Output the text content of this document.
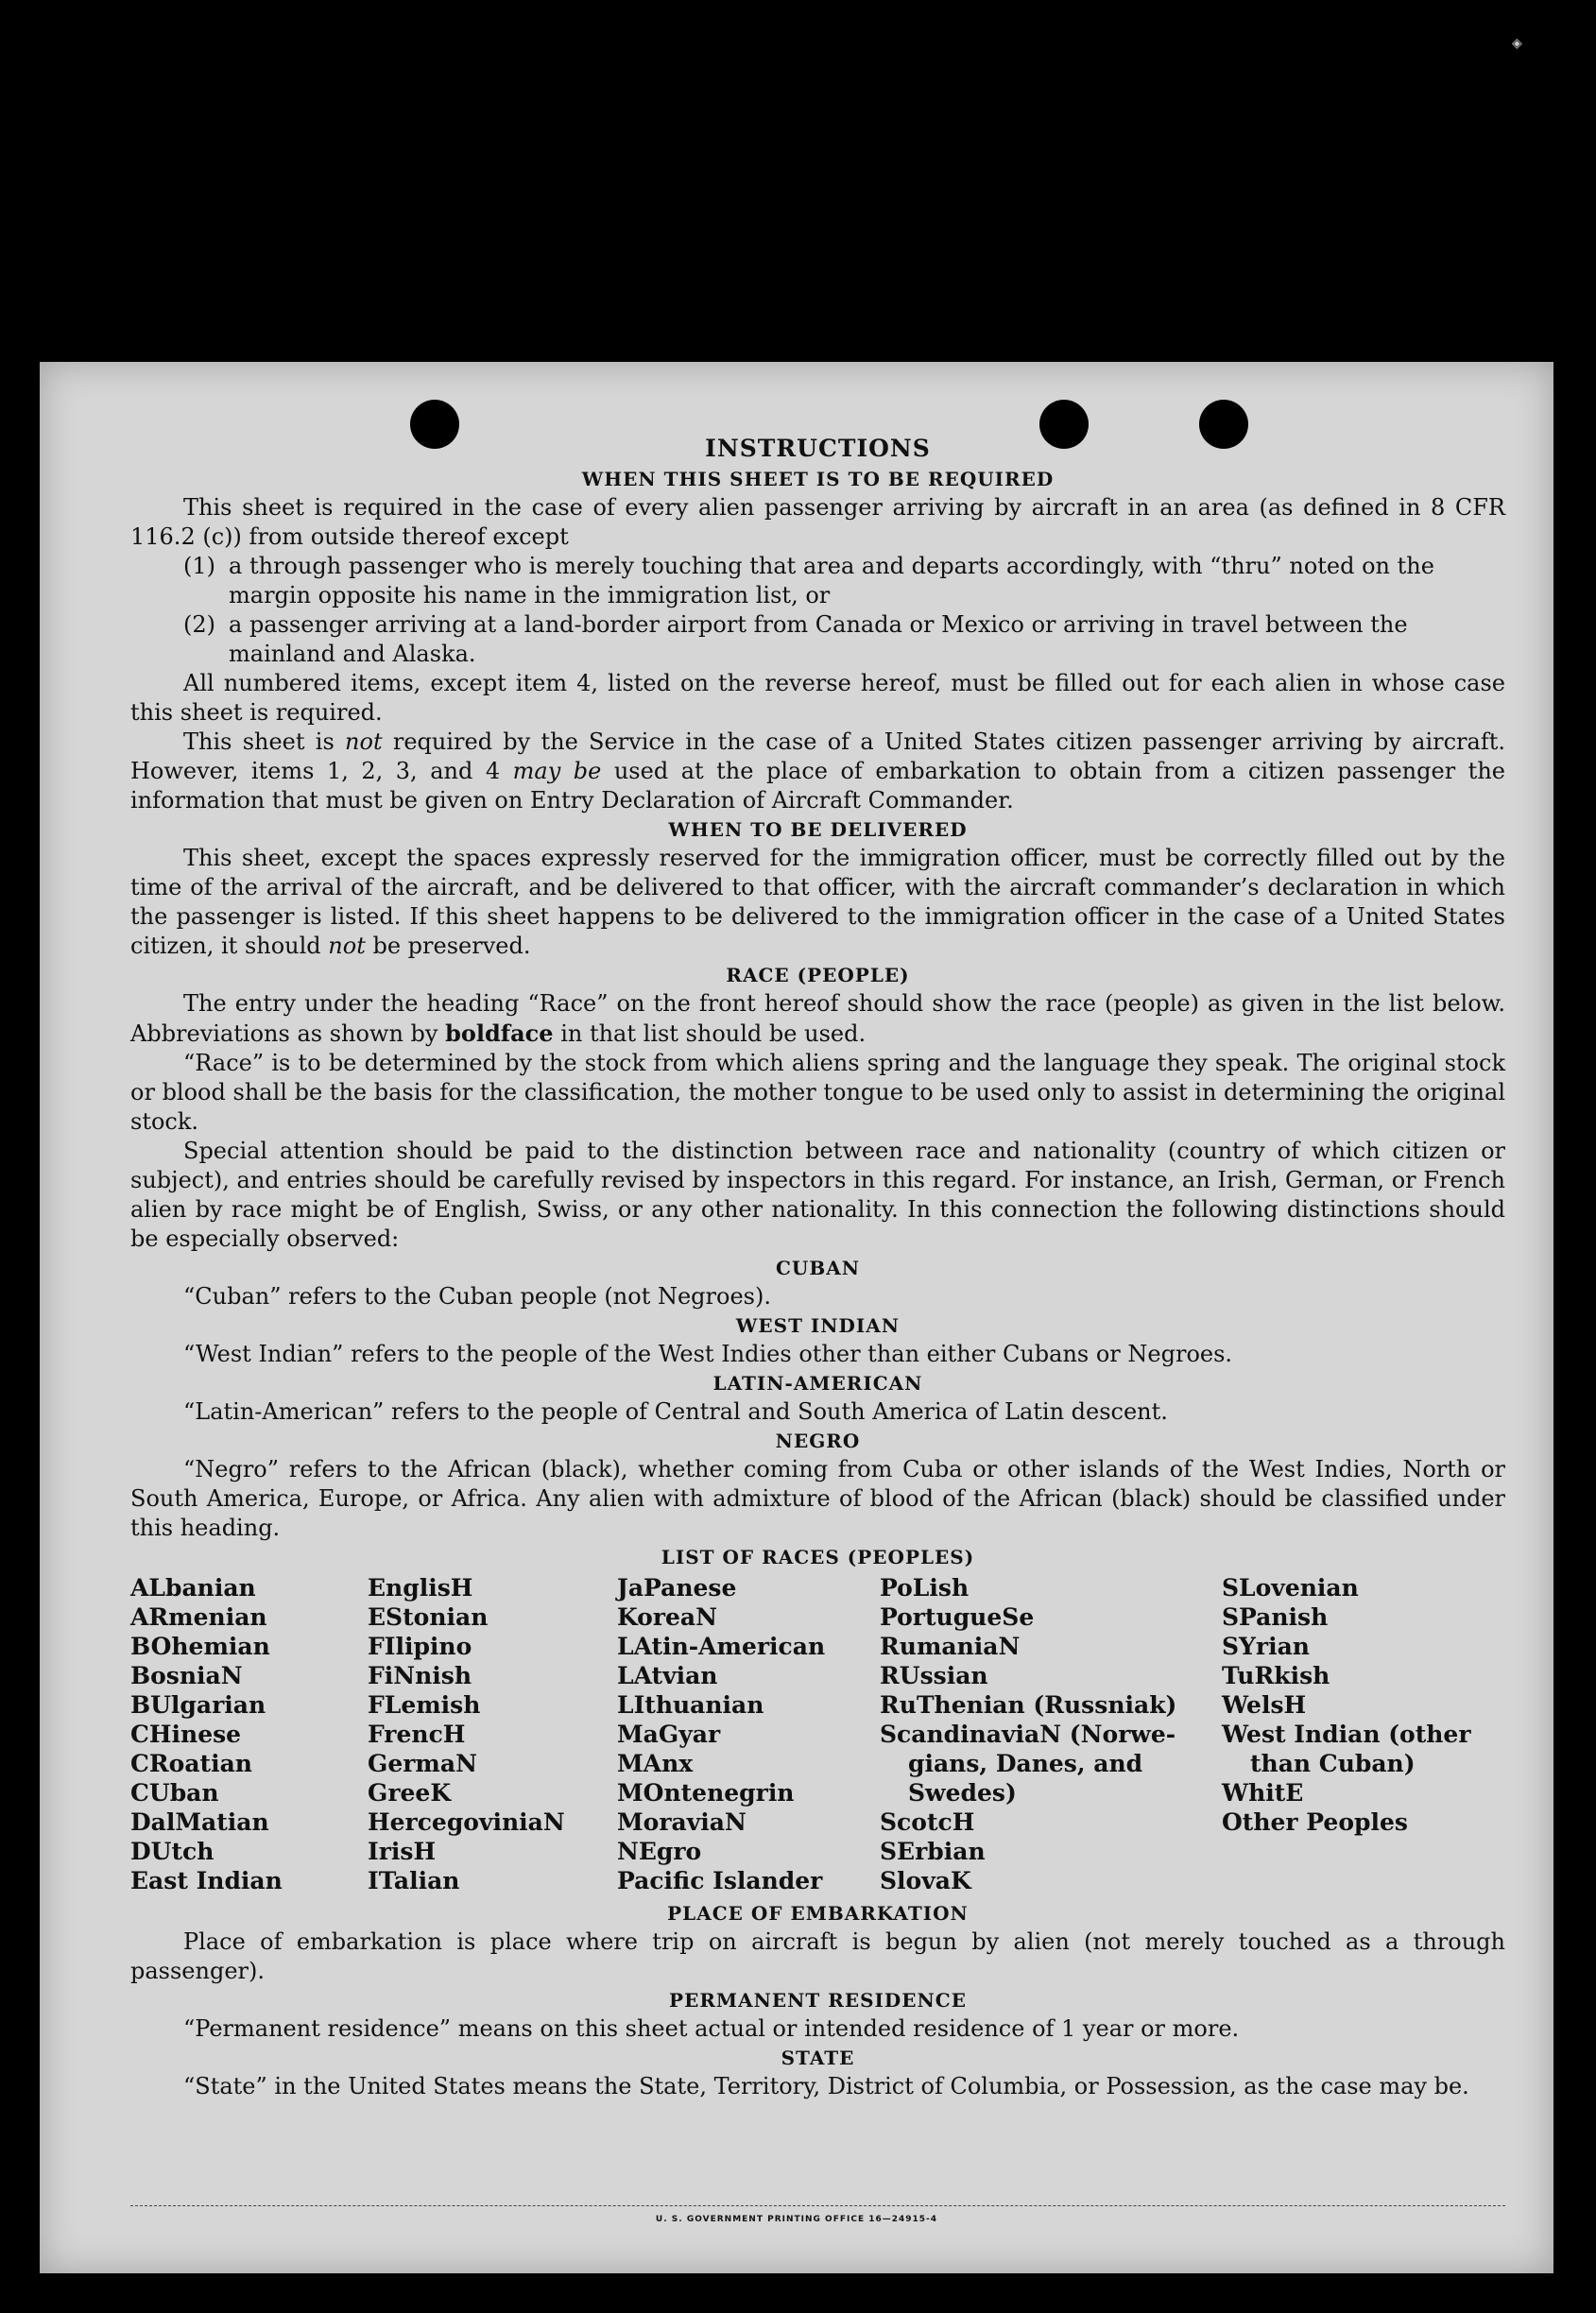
◈
INSTRUCTIONS
WHEN THIS SHEET IS TO BE REQUIRED

This sheet is required in the case of every alien passenger arriving by aircraft in an area (as defined in 8 CFR 116.2 (c)) from outside thereof except

(1) a through passenger who is merely touching that area and departs accordingly, with “thru” noted on the margin opposite his name in the immigration list, or
(2) a passenger arriving at a land-border airport from Canada or Mexico or arriving in travel between the mainland and Alaska.

All numbered items, except item 4, listed on the reverse hereof, must be filled out for each alien in whose case this sheet is required.

This sheet is not required by the Service in the case of a United States citizen passenger arriving by aircraft. However, items 1, 2, 3, and 4 may be used at the place of embarkation to obtain from a citizen passenger the information that must be given on Entry Declaration of Aircraft Commander.

WHEN TO BE DELIVERED

This sheet, except the spaces expressly reserved for the immigration officer, must be correctly filled out by the time of the arrival of the aircraft, and be delivered to that officer, with the aircraft commander’s declaration in which the passenger is listed. If this sheet happens to be delivered to the immigration officer in the case of a United States citizen, it should not be preserved.

RACE (PEOPLE)

The entry under the heading “Race” on the front hereof should show the race (people) as given in the list below. Abbreviations as shown by boldface in that list should be used.

“Race” is to be determined by the stock from which aliens spring and the language they speak. The original stock or blood shall be the basis for the classification, the mother tongue to be used only to assist in determining the original stock.

Special attention should be paid to the distinction between race and nationality (country of which citizen or subject), and entries should be carefully revised by inspectors in this regard. For instance, an Irish, German, or French alien by race might be of English, Swiss, or any other nationality. In this connection the following distinctions should be especially observed:

CUBAN

“Cuban” refers to the Cuban people (not Negroes).

WEST INDIAN

“West Indian” refers to the people of the West Indies other than either Cubans or Negroes.

LATIN-AMERICAN

“Latin-American” refers to the people of Central and South America of Latin descent.

NEGRO

“Negro” refers to the African (black), whether coming from Cuba or other islands of the West Indies, North or South America, Europe, or Africa. Any alien with admixture of blood of the African (black) should be classified under this heading.

LIST OF RACES (PEOPLES)
ALbanian
ARmenian
BOhemian
BosniaN
BUlgarian
CHinese
CRoatian
CUban
DalMatian
DUtch
East Indian
EnglisH
EStonian
FIlipino
FiNnish
FLemish
FrencH
GermaN
GreeK
HercegoviniaN
IrisH
ITalian
JaPanese
KoreaN
LAtin-American
LAtvian
LIthuanian
MaGyar
MAnx
MOntenegrin
MoraviaN
NEgro
Pacific Islander
PoLish
PortugueSe
RumaniaN
RUssian
RuThenian (Russniak)
ScandinaviaN (Norwe-
gians, Danes, and
Swedes)
ScotcH
SErbian
SlovaK
SLovenian
SPanish
SYrian
TuRkish
WelsH
West Indian (other
than Cuban)
WhitE
Other Peoples
PLACE OF EMBARKATION

Place of embarkation is place where trip on aircraft is begun by alien (not merely touched as a through passenger).

PERMANENT RESIDENCE

“Permanent residence” means on this sheet actual or intended residence of 1 year or more.

STATE

“State” in the United States means the State, Territory, District of Columbia, or Possession, as the case may be.

U. S. GOVERNMENT PRINTING OFFICE 16—24915-4
